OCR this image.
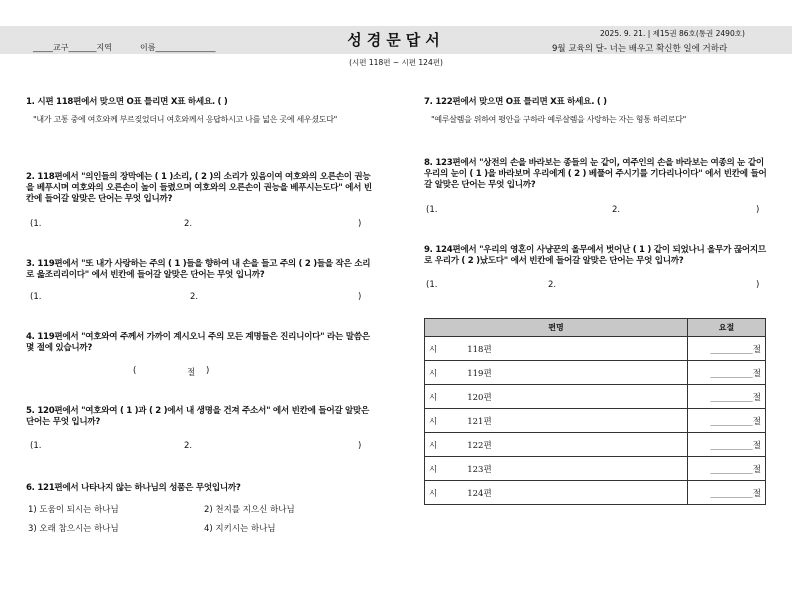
2025. 9. 21. | 제15권 86호(통권 2490호)
_____교구_______지역	이름_______________	성경문답서	9월 교육의 달- 너는 배우고 확신한 일에 거하라
(시편 118편 ~ 시편 124편)
1. 시편 118편에서 맞으면 O표 틀리면 X표 하세요. ( )
"내가 고통 중에 여호와께 부르짖었더니 여호와께서 응답하시고 나를 넓은 곳에 세우셨도다"
2. 118편에서 "의인들의 장막에는 ( 1 )소리, ( 2 )의 소리가 있음이여 여호와의 오른손이 권능을 베푸시며 여호와의 오른손이 높이 들렸으며 여호와의 오른손이 권능을 베푸시는도다" 에서 빈칸에 들어갈 알맞은 단어는 무엇 입니까?
(1.	2.	)
3. 119편에서 "또 내가 사랑하는 주의 ( 1 )들을 향하여 내 손을 들고 주의 ( 2 )들을 작은 소리로 읊조리리이다" 에서 빈칸에 들어갈 알맞은 단어는 무엇 입니까?
(1.	2.	)
4. 119편에서 "여호와여 주께서 가까이 계시오니 주의 모든 계명들은 진리니이다" 라는 말씀은 몇 절에 있습니까?
(	절 )
5. 120편에서 "여호와여 ( 1 )과 ( 2 )에서 내 생명을 건져 주소서" 에서 빈칸에 들어갈 알맞은 단어는 무엇 입니까?
(1.	2.	)
6. 121편에서 나타나지 않는 하나님의 성품은 무엇입니까?
1) 도움이 되시는 하나님	2) 천지를 지으신 하나님
3) 오래 참으시는 하나님	4) 지키시는 하나님
7. 122편에서 맞으면 O표 틀리면 X표 하세요. ( )
"예루살렘을 위하여 평안을 구하라 예루살렘을 사랑하는 자는 형통 하리로다"
8. 123편에서 "상전의 손을 바라보는 종들의 눈 같이, 여주인의 손을 바라보는 여종의 눈 같이 우리의 눈이 ( 1 )을 바라보며 우리에게 ( 2 ) 베풀어 주시기를 기다리나이다" 에서 빈칸에 들어갈 알맞은 단어는 무엇 입니까?
(1.	2.	)
9. 124편에서 "우리의 영혼이 사냥꾼의 올무에서 벗어난 ( 1 ) 같이 되었나니 올무가 끊어지므로 우리가 ( 2 )났도다" 에서 빈칸에 들어갈 알맞은 단어는 무엇 입니까?
(1.	2.	)
편명	요절
시 118편	__________절
시 119편	__________절
시 120편	__________절
시 121편	__________절
시 122편	__________절
시 123편	__________절
시 124편	__________절
